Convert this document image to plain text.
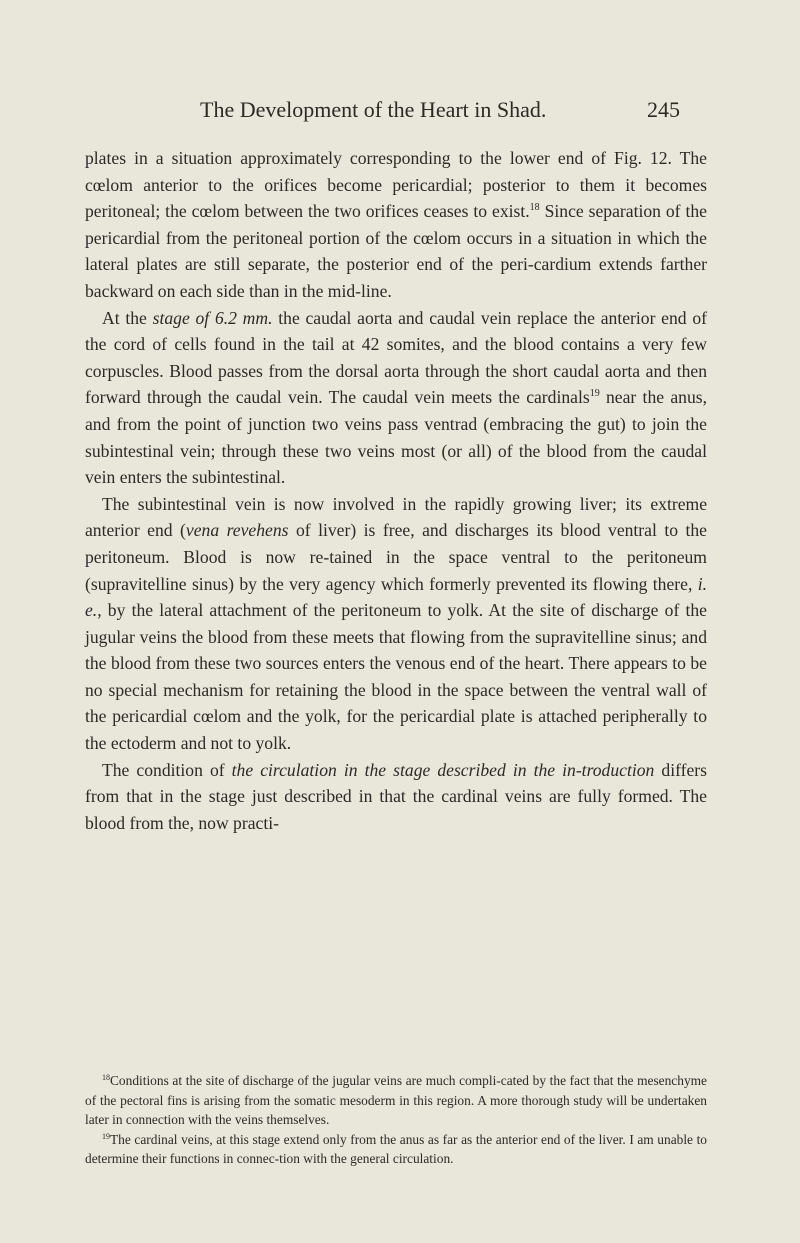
The Development of the Heart in Shad.	245

plates in a situation approximately corresponding to the lower end of Fig. 12. The cœlom anterior to the orifices become pericardial; posterior to them it becomes peritoneal; the cœlom between the two orifices ceases to exist.$^{18}$ Since separation of the pericardial from the peritoneal portion of the cœlom occurs in a situation in which the lateral plates are still separate, the posterior end of the peri-cardium extends farther backward on each side than in the mid-line.

At the stage of 6.2 mm. the caudal aorta and caudal vein replace the anterior end of the cord of cells found in the tail at 42 somites, and the blood contains a very few corpuscles. Blood passes from the dorsal aorta through the short caudal aorta and then forward through the caudal vein. The caudal vein meets the cardinals$^{19}$ near the anus, and from the point of junction two veins pass ventrad (embracing the gut) to join the subintestinal vein; through these two veins most (or all) of the blood from the caudal vein enters the subintestinal.

The subintestinal vein is now involved in the rapidly growing liver; its extreme anterior end (vena revehens of liver) is free, and discharges its blood ventral to the peritoneum. Blood is now re-tained in the space ventral to the peritoneum (supravitelline sinus) by the very agency which formerly prevented its flowing there, i. e., by the lateral attachment of the peritoneum to yolk. At the site of discharge of the jugular veins the blood from these meets that flowing from the supravitelline sinus; and the blood from these two sources enters the venous end of the heart. There appears to be no special mechanism for retaining the blood in the space between the ventral wall of the pericardial cœlom and the yolk, for the pericardial plate is attached peripherally to the ectoderm and not to yolk.

The condition of the circulation in the stage described in the in-troduction differs from that in the stage just described in that the cardinal veins are fully formed. The blood from the, now practi-

$^{18}$Conditions at the site of discharge of the jugular veins are much compli-cated by the fact that the mesenchyme of the pectoral fins is arising from the somatic mesoderm in this region. A more thorough study will be undertaken later in connection with the veins themselves.

$^{19}$The cardinal veins, at this stage extend only from the anus as far as the anterior end of the liver. I am unable to determine their functions in connec-tion with the general circulation.
